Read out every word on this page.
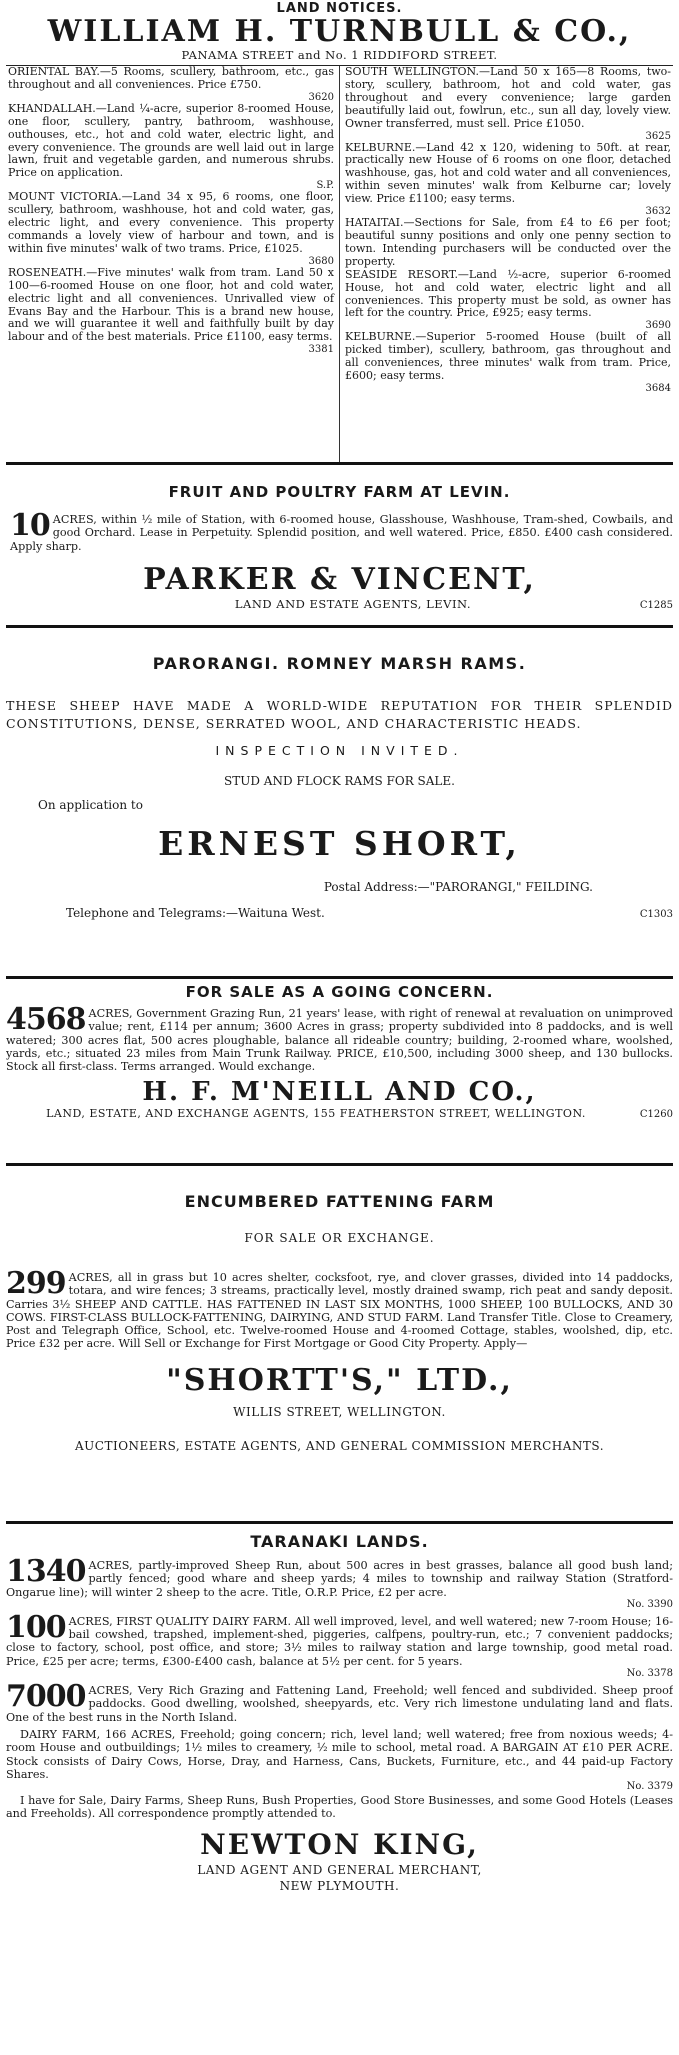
LAND NOTICES.
WILLIAM H. TURNBULL & CO.,
PANAMA STREET and No. 1 RIDDIFORD STREET.
ORIENTAL BAY.—5 Rooms, scullery, bathroom, etc., gas throughout and all conveniences. Price £750.
3620
KHANDALLAH.—Land ¼-acre, superior 8-roomed House, one floor, scullery, pantry, bathroom, washhouse, outhouses, etc., hot and cold water, electric light, and every convenience. The grounds are well laid out in large lawn, fruit and vegetable garden, and numerous shrubs. Price on application.
S.P.
MOUNT VICTORIA.—Land 34 x 95, 6 rooms, one floor, scullery, bathroom, washhouse, hot and cold water, gas, electric light, and every convenience. This property commands a lovely view of harbour and town, and is within five minutes' walk of two trams. Price, £1025.
3680
ROSENEATH.—Five minutes' walk from tram. Land 50 x 100—6-roomed House on one floor, hot and cold water, electric light and all conveniences. Unrivalled view of Evans Bay and the Harbour. This is a brand new house, and we will guarantee it well and faithfully built by day labour and of the best materials. Price £1100, easy terms.
3381
SOUTH WELLINGTON.—Land 50 x 165—8 Rooms, two-story, scullery, bathroom, hot and cold water, gas throughout and every convenience; large garden beautifully laid out, fowlrun, etc., sun all day, lovely view. Owner transferred, must sell. Price £1050.
3625
KELBURNE.—Land 42 x 120, widening to 50ft. at rear, practically new House of 6 rooms on one floor, detached washhouse, gas, hot and cold water and all conveniences, within seven minutes' walk from Kelburne car; lovely view. Price £1100; easy terms.
3632
HATAITAI.—Sections for Sale, from £4 to £6 per foot; beautiful sunny positions and only one penny section to town. Intending purchasers will be conducted over the property.
SEASIDE RESORT.—Land ½-acre, superior 6-roomed House, hot and cold water, electric light and all conveniences. This property must be sold, as owner has left for the country. Price, £925; easy terms.
3690
KELBURNE.—Superior 5-roomed House (built of all picked timber), scullery, bathroom, gas throughout and all conveniences, three minutes' walk from tram. Price, £600; easy terms.
3684
FRUIT AND POULTRY FARM AT LEVIN.
10 ACRES, within ½ mile of Station, with 6-roomed house, Glasshouse, Washhouse, Tram-shed, Cowbails, and good Orchard. Lease in Perpetuity. Splendid position, and well watered. Price, £850. £400 cash considered. Apply sharp.
PARKER & VINCENT,
LAND AND ESTATE AGENTS, LEVIN.	C1285
PARORANGI. ROMNEY MARSH RAMS.
THESE SHEEP HAVE MADE A WORLD-WIDE REPUTATION FOR THEIR SPLENDID CONSTITUTIONS, DENSE, SERRATED WOOL, AND CHARACTERISTIC HEADS.
INSPECTION INVITED.
STUD AND FLOCK RAMS FOR SALE.
On application to
ERNEST SHORT,
Postal Address:—"PARORANGI," FEILDING.
Telephone and Telegrams:—Waituna West.	C1303
FOR SALE AS A GOING CONCERN.
4568 ACRES, Government Grazing Run, 21 years' lease, with right of renewal at revaluation on unimproved value; rent, £114 per annum; 3600 Acres in grass; property subdivided into 8 paddocks, and is well watered; 300 acres flat, 500 acres ploughable, balance all rideable country; building, 2-roomed whare, woolshed, yards, etc.; situated 23 miles from Main Trunk Railway. PRICE, £10,500, including 3000 sheep, and 130 bullocks. Stock all first-class. Terms arranged. Would exchange.
H. F. M'NEILL AND CO.,
LAND, ESTATE, AND EXCHANGE AGENTS, 155 FEATHERSTON STREET, WELLINGTON.	C1260
ENCUMBERED FATTENING FARM
FOR SALE OR EXCHANGE.
299 ACRES, all in grass but 10 acres shelter, cocksfoot, rye, and clover grasses, divided into 14 paddocks, totara, and wire fences; 3 streams, practically level, mostly drained swamp, rich peat and sandy deposit. Carries 3½ SHEEP AND CATTLE. HAS FATTENED IN LAST SIX MONTHS, 1000 SHEEP, 100 BULLOCKS, AND 30 COWS. FIRST-CLASS BULLOCK-FATTENING, DAIRYING, AND STUD FARM. Land Transfer Title. Close to Creamery, Post and Telegraph Office, School, etc. Twelve-roomed House and 4-roomed Cottage, stables, woolshed, dip, etc. Price £32 per acre. Will Sell or Exchange for First Mortgage or Good City Property. Apply—
"SHORTT'S," LTD.,
WILLIS STREET, WELLINGTON.
AUCTIONEERS, ESTATE AGENTS, AND GENERAL COMMISSION MERCHANTS.
TARANAKI LANDS.
1340 ACRES, partly-improved Sheep Run, about 500 acres in best grasses, balance all good bush land; partly fenced; good whare and sheep yards; 4 miles to township and railway Station (Stratford-Ongarue line); will winter 2 sheep to the acre. Title, O.R.P. Price, £2 per acre.
No. 3390
100 ACRES, FIRST QUALITY DAIRY FARM. All well improved, level, and well watered; new 7-room House; 16-bail cowshed, trapshed, implement-shed, piggeries, calfpens, poultry-run, etc.; 7 convenient paddocks; close to factory, school, post office, and store; 3½ miles to railway station and large township, good metal road. Price, £25 per acre; terms, £300-£400 cash, balance at 5½ per cent. for 5 years.
No. 3378
7000 ACRES, Very Rich Grazing and Fattening Land, Freehold; well fenced and subdivided. Sheep proof paddocks. Good dwelling, woolshed, sheepyards, etc. Very rich limestone undulating land and flats. One of the best runs in the North Island.
DAIRY FARM, 166 ACRES, Freehold; going concern; rich, level land; well watered; free from noxious weeds; 4-room House and outbuildings; 1½ miles to creamery, ½ mile to school, metal road. A BARGAIN AT £10 PER ACRE. Stock consists of Dairy Cows, Horse, Dray, and Harness, Cans, Buckets, Furniture, etc., and 44 paid-up Factory Shares.
No. 3379
I have for Sale, Dairy Farms, Sheep Runs, Bush Properties, Good Store Businesses, and some Good Hotels (Leases and Freeholds). All correspondence promptly attended to.
NEWTON KING,
LAND AGENT AND GENERAL MERCHANT,
NEW PLYMOUTH.
